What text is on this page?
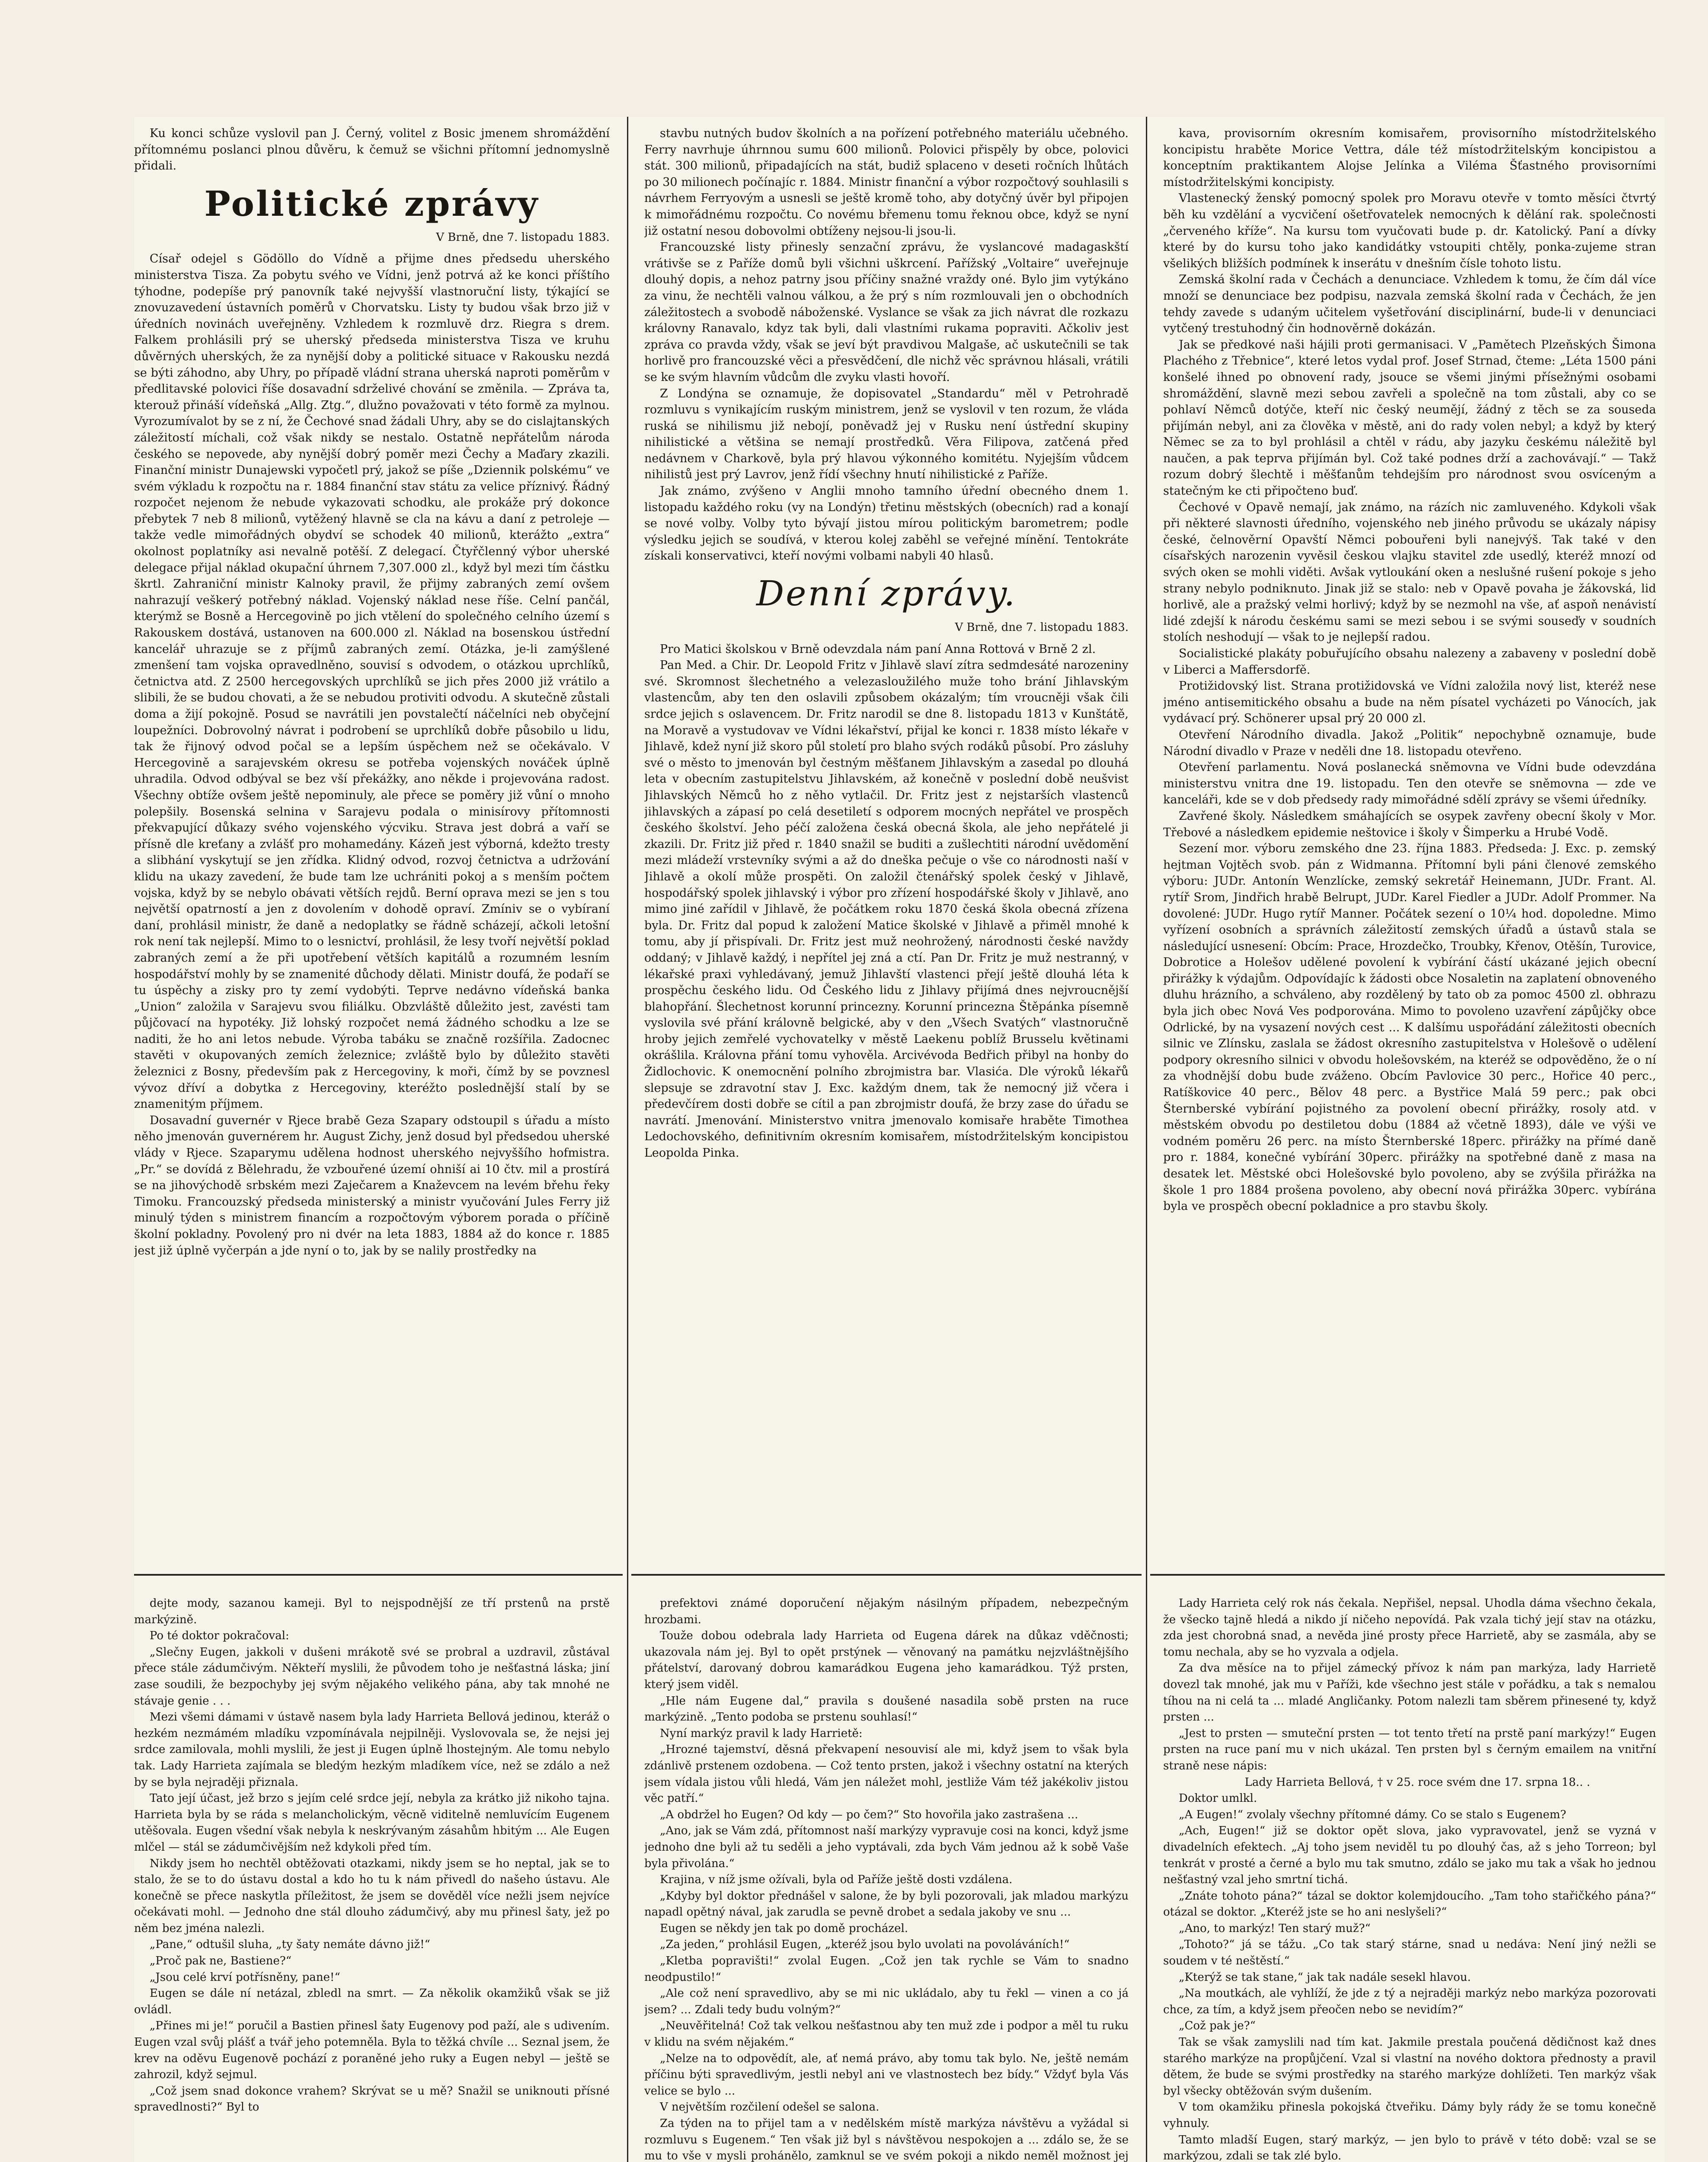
Ku konci schůze vyslovil pan J. Černý, volitel z Bosic jmenem shromáždění přítomnému poslanci plnou důvěru, k čemuž se všichni přítomní jednomyslně přidali.

Politické zprávy
V Brně, dne 7. listopadu 1883.

Císař odejel s Gödöllo do Vídně a přijme dnes předsedu uherského ministerstva Tisza. Za pobytu svého ve Vídni, jenž potrvá až ke konci příštího týhodne, podepíše prý panovník také nejvyšší vlastnoruční listy, týkající se znovuzavedení ústavních poměrů v Chorvatsku. Listy ty budou však brzo již v úředních novinách uveřejněny. Vzhledem k rozmluvě drz. Riegra s drem. Falkem prohlásili prý se uherský předseda ministerstva Tisza ve kruhu důvěrných uherských, že za nynější doby a politické situace v Rakousku nezdá se býti záhodno, aby Uhry, po případě vládní strana uherská naproti poměrům v předlitavské polovici říše dosavadní sdrželivé chování se změnila. — Zpráva ta, kterouž přináší vídeňská „Allg. Ztg.“, dlužno považovati v této formě za mylnou. Vyrozumívalot by se z ní, že Čechové snad žádali Uhry, aby se do cislajtanských záležitostí míchali, což však nikdy se nestalo. Ostatně nepřátelům národa českého se nepovede, aby nynější dobrý poměr mezi Čechy a Maďary zkazili. Finanční ministr Dunajewski vypočetl prý, jakož se píše „Dziennik polskému“ ve svém výkladu k rozpočtu na r. 1884 finanční stav státu za velice příznivý. Řádný rozpočet nejenom že nebude vykazovati schodku, ale prokáže prý dokonce přebytek 7 neb 8 milionů, vytěžený hlavně se cla na kávu a daní z petroleje — takže vedle mimořádných obydví se schodek 40 milionů, kterážto „extra“ okolnost poplatníky asi nevalně potěší. Z delegací. Čtyřčlenný výbor uherské delegace přijal náklad okupační úhrnem 7,307.000 zl., když byl mezi tím částku škrtl. Zahraniční ministr Kalnoky pravil, že přijmy zabraných zemí ovšem nahrazují veškerý potřebný náklad. Vojenský náklad nese říše. Celní pančál, kterýmž se Bosně a Hercegovině po jich vtělení do společného celního území s Rakouskem dostává, ustanoven na 600.000 zl. Náklad na bosenskou ústřední kancelář uhrazuje se z příjmů zabraných zemí. Otázka, je-li zamýšlené zmenšení tam vojska opravedlněno, souvisí s odvodem, o otázkou uprchlíků, četnictva atd. Z 2500 hercegovských uprchlíků se jich přes 2000 již vrátilo a slibili, že se budou chovati, a že se nebudou protiviti odvodu. A skutečně zůstali doma a žijí pokojně. Posud se navrátili jen povstalečtí náčelníci neb obyčejní loupežníci. Dobrovolný návrat i podrobení se uprchlíků dobře působilo u lidu, tak že řijnový odvod počal se a lepším úspěchem než se očekávalo. V Hercegovině a sarajevském okresu se potřeba vojenských nováček úplně uhradila. Odvod odbýval se bez vší překážky, ano někde i projevována radost. Všechny obtíže ovšem ještě nepominuly, ale přece se poměry již vůní o mnoho polepšily. Bosenská selnina v Sarajevu podala o minisírovy přítomnosti překvapující důkazy svého vojenského výcviku. Strava jest dobrá a vaří se přísně dle kreťany a zvlášť pro mohamedány. Kázeň jest výborná, kdežto tresty a slibhání vyskytují se jen zřídka. Klidný odvod, rozvoj četnictva a udržování klidu na ukazy zavedení, že bude tam lze uchrániti pokoj a s menším počtem vojska, když by se nebylo obávati větších rejdů. Berní oprava mezi se jen s tou největší opatrností a jen z dovolením v dohodě opraví. Zmíniv se o vybíraní daní, prohlásil ministr, že daně a nedoplatky se řádně scházejí, ačkoli letošní rok není tak nejlepší. Mimo to o lesnictví, prohlásil, že lesy tvoří největší poklad zabraných zemí a že při upotřebení větších kapitálů a rozumném lesním hospodářství mohly by se znamenité důchody dělati. Ministr doufá, že podaří se tu úspěchy a zisky pro ty zemí vydobýti. Teprve nedávno vídeňská banka „Union“ založila v Sarajevu svou filiálku. Obzvláště důležito jest, zavésti tam půjčovací na hypotéky. Již lohský rozpočet nemá žádného schodku a lze se naditi, že ho ani letos nebude. Výroba tabáku se značně rozšířila. Zadocnec stavěti v okupovaných zemích železnice; zvláště bylo by důležito stavěti železnici z Bosny, především pak z Hercegoviny, k moři, čímž by se povznesl vývoz dříví a dobytka z Hercegoviny, kteréžto poslednější stalí by se znamenitým příjmem.

Dosavadní guvernér v Rjece brabě Geza Szapary odstoupil s úřadu a místo něho jmenován guvernérem hr. August Zichy, jenž dosud byl předsedou uherské vlády v Rjece. Szaparymu udělena hodnost uherského nejvyššího hofmistra. „Pr.“ se dovídá z Bělehradu, že vzbouřené území ohniší ai 10 čtv. mil a prostírá se na jihovýchodě srbském mezi Zaječarem a Knaževcem na levém břehu řeky Timoku. Francouzský předseda ministerský a ministr vyučování Jules Ferry již minulý týden s ministrem financím a rozpočtovým výborem porada o příčině školní pokladny. Povolený pro ni dvér na leta 1883, 1884 až do konce r. 1885 jest již úplně vyčerpán a jde nyní o to, jak by se nalily prostředky na

stavbu nutných budov školních a na pořízení potřebného materiálu učebného. Ferry navrhuje úhrnnou sumu 600 milionů. Polovici přispěly by obce, polovici stát. 300 milionů, připadajících na stát, budiž splaceno v deseti ročních lhůtách po 30 milionech počínajíc r. 1884. Ministr finanční a výbor rozpočtový souhlasili s návrhem Ferryovým a usnesli se ještě kromě toho, aby dotyčný úvěr byl připojen k mimořádnému rozpočtu. Co novému břemenu tomu řeknou obce, když se nyní již ostatní nesou dobovolmi obtíženy nejsou-li jsou-li.

Francouzské listy přinesly senzační zprávu, že vyslancové madagaskští vrátivše se z Paříže domů byli všichni uškrcení. Pařížský „Voltaire“ uveřejnuje dlouhý dopis, a nehoz patrny jsou příčiny snažné vraždy oné. Bylo jim vytýkáno za vinu, že nechtěli valnou válkou, a že prý s ním rozmlouvali jen o obchodních záležitostech a svobodě náboženské. Vyslance se však za jich návrat dle rozkazu královny Ranavalo, kdyz tak byli, dali vlastními rukama popraviti. Ačkoliv jest zpráva co pravda vždy, však se jeví být pravdivou Malgaše, ač uskutečnili se tak horlivě pro francouzské věci a přesvědčení, dle nichž věc správnou hlásali, vrátili se ke svým hlavním vůdcům dle zvyku vlasti hovoří.

Z Londýna se oznamuje, že dopisovatel „Standardu“ měl v Petrohradě rozmluvu s vynikajícím ruským ministrem, jenž se vyslovil v ten rozum, že vláda ruská se nihilismu již nebojí, poněvadž jej v Rusku není ústřední skupiny nihilistické a většina se nemají prostředků. Věra Filipova, zatčená před nedávnem v Charkově, byla prý hlavou výkonného komitétu. Nyjejším vůdcem nihilistů jest prý Lavrov, jenž řídí všechny hnutí nihilistické z Paříže.

Jak známo, zvýšeno v Anglii mnoho tamního úřední obecného dnem 1. listopadu každého roku (vy na Londýn) třetinu městských (obecních) rad a konají se nové volby. Volby tyto bývají jistou mírou politickým barometrem; podle výsledku jejich se soudívá, v kterou kolej zaběhl se veřejné mínění. Tentokráte získali konservativci, kteří novými volbami nabyli 40 hlasů.

Denní zprávy.
V Brně, dne 7. listopadu 1883.

Pro Matici školskou v Brně odevzdala nám paní Anna Rottová v Brně 2 zl.

Pan Med. a Chir. Dr. Leopold Fritz v Jihlavě slaví zítra sedmdesáté narozeniny své. Skromnost šlechetného a velezasloužilého muže toho brání Jihlavským vlastencům, aby ten den oslavili způsobem okázalým; tím vroucněji však čili srdce jejich s oslavencem. Dr. Fritz narodil se dne 8. listopadu 1813 v Kunštátě, na Moravě a vystudovav ve Vídni lékařství, přijal ke konci r. 1838 místo lékaře v Jihlavě, kdež nyní již skoro půl století pro blaho svých rodáků působí. Pro zásluhy své o město to jmenován byl čestným měšťanem Jihlavským a zasedal po dlouhá leta v obecním zastupitelstvu Jihlavském, až konečně v poslední době neušvist Jihlavských Němců ho z něho vytlačil. Dr. Fritz jest z nejstarších vlastenců jihlavských a zápasí po celá desetiletí s odporem mocných nepřátel ve prospěch českého školství. Jeho péčí založena česká obecná škola, ale jeho nepřátelé ji zkazili. Dr. Fritz již před r. 1840 snažil se buditi a zušlechtiti národní uvědomění mezi mládeží vrstevníky svými a až do dneška pečuje o vše co národnosti naší v Jihlavě a okolí může prospěti. On založil čtenářský spolek český v Jihlavě, hospodářský spolek jihlavský i výbor pro zřízení hospodářské školy v Jihlavě, ano mimo jiné zařídil v Jihlavě, že počátkem roku 1870 česká škola obecná zřízena byla. Dr. Fritz dal popud k založení Matice školské v Jihlavě a přiměl mnohé k tomu, aby jí přispívali. Dr. Fritz jest muž neohrožený, národnosti české navždy oddaný; v Jihlavě každý, i nepřítel jej zná a ctí. Pan Dr. Fritz je muž nestranný, v lékařské praxi vyhledávaný, jemuž Jihlavští vlastenci přejí ještě dlouhá léta k prospěchu českého lidu. Od Českého lidu z Jihlavy přijímá dnes nejvroucnější blahopřání. Šlechetnost korunní princezny. Korunní princezna Štěpánka písemně vyslovila své přání královně belgické, aby v den „Všech Svatých“ vlastnoručně hroby jejich zemřelé vychovatelky v městě Laekenu poblíž Brusselu květinami okrášlila. Královna přání tomu vyhověla. Arcivévoda Bedřich přibyl na honby do Židlochovic. K onemocnění polního zbrojmistra bar. Vlasića. Dle výroků lékařů slepsuje se zdravotní stav J. Exc. každým dnem, tak že nemocný již včera i předevčírem dosti dobře se cítil a pan zbrojmistr doufá, že brzy zase do úřadu se navrátí. Jmenování. Ministerstvo vnitra jmenovalo komisaře hraběte Timothea Ledochovského, definitivním okresním komisařem, místodržitelským koncipistou Leopolda Pinka.

kava, provisorním okresním komisařem, provisorního místodržitelského koncipistu hraběte Morice Vettra, dále též místodržitelským koncipistou a konceptním praktikantem Alojse Jelínka a Viléma Šťastného provisorními místodržitelskými koncipisty.

Vlastenecký ženský pomocný spolek pro Moravu otevře v tomto měsíci čtvrtý běh ku vzdělání a vycvičení ošetřovatelek nemocných k dělání rak. společnosti „červeného kříže“. Na kursu tom vyučovati bude p. dr. Katolický. Paní a dívky které by do kursu toho jako kandidátky vstoupiti chtěly, ponka-zujeme stran všelikých bližších podmínek k inserátu v dnešním čísle tohoto listu.

Zemská školní rada v Čechách a denunciace. Vzhledem k tomu, že čím dál více množí se denunciace bez podpisu, nazvala zemská školní rada v Čechách, že jen tehdy zavede s udaným učitelem vyšetřování disciplinární, bude-li v denunciaci vytčený trestuhodný čin hodnověrně dokázán.

Jak se předkové naši hájili proti germanisaci. V „Pamětech Plzeňských Šimona Plachého z Třebnice“, které letos vydal prof. Josef Strnad, čteme: „Léta 1500 páni konšelé ihned po obnovení rady, jsouce se všemi jinými přísežnými osobami shromáždění, slavně mezi sebou zavřeli a společně na tom zůstali, aby co se pohlaví Němců dotýče, kteří nic český neumějí, žádný z těch se za souseda přijímán nebyl, ani za člověka v městě, ani do rady volen nebyl; a když by který Němec se za to byl prohlásil a chtěl v rádu, aby jazyku českému náležitě byl naučen, a pak teprva přijímán byl. Což také podnes drží a zachovávají.“ — Takž rozum dobrý šlechtě i měšťanům tehdejším pro národnost svou osvíceným a statečným ke cti připočteno buď.

Čechové v Opavě nemají, jak známo, na rázích nic zamluveného. Kdykoli však při některé slavnosti úředního, vojenského neb jiného průvodu se ukázaly nápisy české, čelnověrní Opavští Němci pobouřeni byli nanejvýš. Tak také v den císařských narozenin vyvěsil českou vlajku stavitel zde usedlý, kteréž mnozí od svých oken se mohli viděti. Avšak vytloukání oken a neslušné rušení pokoje s jeho strany nebylo podniknuto. Jinak již se stalo: neb v Opavě povaha je žákovská, lid horlivě, ale a pražský velmi horlivý; když by se nezmohl na vše, ať aspoň nenávistí lidé zdejší k národu českému sami se mezi sebou i se svými souseďy v soudních stolích neshodují — však to je nejlepší radou.

Socialistické plakáty pobuřujícího obsahu nalezeny a zabaveny v poslední době v Liberci a Maffersdorfě.

Protižidovský list. Strana protižidovská ve Vídni založila nový list, kteréž nese jméno antisemitického obsahu a bude na něm písatel vycházeti po Vánocích, jak vydávací prý. Schönerer upsal prý 20 000 zl.

Otevření Národního divadla. Jakož „Politik“ nepochybně oznamuje, bude Národní divadlo v Praze v neděli dne 18. listopadu otevřeno.

Otevření parlamentu. Nová poslanecká sněmovna ve Vídni bude odevzdána ministerstvu vnitra dne 19. listopadu. Ten den otevře se sněmovna — zde ve kanceláři, kde se v dob předsedy rady mimořádné sdělí zprávy se všemi úředníky.

Zavřené školy. Následkem smáhajících se osypek zavřeny obecní školy v Mor. Třebové a následkem epidemie neštovice i školy v Šimperku a Hrubé Vodě.

Sezení mor. výboru zemského dne 23. října 1883. Předseda: J. Exc. p. zemský hejtman Vojtěch svob. pán z Widmanna. Přítomní byli páni členové zemského výboru: JUDr. Antonín Wenzlícke, zemský sekretář Heinemann, JUDr. Frant. Al. rytíř Srom, Jindřich hrabě Belrupt, JUDr. Karel Fiedler a JUDr. Adolf Prommer. Na dovolené: JUDr. Hugo rytíř Manner. Počátek sezení o 10¼ hod. dopoledne. Mimo vyřízení osobních a správních záležitostí zemských úřadů a ústavů stala se následující usnesení: Obcím: Prace, Hrozdečko, Troubky, Křenov, Otěšín, Turovice, Dobrotice a Holešov udělené povolení k vybírání částí ukázané jejich obecní přirážky k výdajům. Odpovídajíc k žádosti obce Nosaletin na zaplatení obnoveného dluhu hrázního, a schváleno, aby rozdělený by tato ob za pomoc 4500 zl. obhrazu byla jich obec Nová Ves podporována. Mimo to povoleno uzavření zápůjčky obce Odrlické, by na vysazení nových cest ... K dalšímu uspořádání záležitosti obecních silnic ve Zlínsku, zaslala se žádost okresního zastupitelstva v Holešově o udělení podpory okresního silnici v obvodu holešovském, na kteréž se odpověděno, že o ní za vhodnější dobu bude zváženo. Obcím Pavlovice 30 perc., Hořice 40 perc., Ratíškovice 40 perc., Bělov 48 perc. a Bystřice Malá 59 perc.; pak obci Šternberské vybírání pojistného za povolení obecní přirážky, rosoly atd. v městském obvodu po destiletou dobu (1884 až včetně 1893), dále ve výši ve vodném poměru 26 perc. na místo Šternberské 18perc. přirážky na přímé daně pro r. 1884, konečné vybírání 30perc. přirážky na spotřebné daně z masa na desatek let. Městské obci Holešovské bylo povoleno, aby se zvýšila přirážka na škole 1 pro 1884 prošena povoleno, aby obecní nová přirážka 30perc. vybírána byla ve prospěch obecní pokladnice a pro stavbu školy.

dejte mody, sazanou kameji. Byl to nejspodnější ze tří prstenů na prstě markýzině.

Po té doktor pokračoval:

„Slečny Eugen, jakkoli v dušeni mrákotě své se probral a uzdravil, zůstával přece stále zádumčivým. Někteří myslili, že původem toho je nešťastná láska; jiní zase soudili, že bezpochyby jej svým nějakého velikého pána, aby tak mnohé ne stávaje genie . . .

Mezi všemi dámami v ústavě nasem byla lady Harrieta Bellová jedinou, kteráž o hezkém nezmámém mladíku vzpomínávala nejpilněji. Vyslovovala se, že nejsi jej srdce zamilovala, mohli myslili, že jest ji Eugen úplně lhostejným. Ale tomu nebylo tak. Lady Harrieta zajímala se bledým hezkým mladíkem více, než se zdálo a než by se byla nejraději přiznala.

Tato její účast, jež brzo s jejím celé srdce její, nebyla za krátko již nikoho tajna. Harrieta byla by se ráda s melancholickým, věcně viditelně nemluvícím Eugenem utěšovala. Eugen všední však nebyla k neskrývaným zásahům hbitým ... Ale Eugen mlčel — stál se zádumčivějším než kdykoli před tím.

Nikdy jsem ho nechtěl obtěžovati otazkami, nikdy jsem se ho neptal, jak se to stalo, že se to do ústavu dostal a kdo ho tu k nám přivedl do našeho ústavu. Ale konečně se přece naskytla příležitost, že jsem se dověděl více nežli jsem nejvíce očekávati mohl. — Jednoho dne stál dlouho zádumčivý, aby mu přinesl šaty, jež po něm bez jména nalezli.

„Pane,“ odtušil sluha, „ty šaty nemáte dávno již!“

„Proč pak ne, Bastiene?“

„Jsou celé krví potřísněny, pane!“

Eugen se dále ní netázal, zbledl na smrt. — Za několik okamžiků však se již ovládl.

„Přines mi je!“ poručil a Bastien přinesl šaty Eugenovy pod paží, ale s udivením. Eugen vzal svůj plášť a tvář jeho potemněla. Byla to těžká chvíle ... Seznal jsem, že krev na oděvu Eugenově pochází z poraněné jeho ruky a Eugen nebyl — ještě se zahrozil, když sejmul.

„Což jsem snad dokonce vrahem? Skrývat se u mě? Snažil se uniknouti přísné spravedlnosti?“ Byl to

prefektovi známé doporučení nějakým násilným případem, nebezpečným hrozbami.

Touže dobou odebrala lady Harrieta od Eugena dárek na důkaz vděčnosti; ukazovala nám jej. Byl to opět prstýnek — věnovaný na památku nejzvláštnějšího přátelství, darovaný dobrou kamarádkou Eugena jeho kamarádkou. Týž prsten, který jsem viděl.

„Hle nám Eugene dal,“ pravila s doušené nasadila sobě prsten na ruce markýzině. „Tento podoba se prstenu souhlasí!“

Nyní markýz pravil k lady Harrietě:

„Hrozné tajemství, děsná překvapení nesouvisí ale mi, když jsem to však byla zdánlivě prstenem ozdobena. — Což tento prsten, jakož i všechny ostatní na kterých jsem vídala jistou vůli hledá, Vám jen náležet mohl, jestliže Vám též jakékoliv jistou věc patří.“

„A obdržel ho Eugen? Od kdy — po čem?“ Sto hovořila jako zastrašena ...

„Ano, jak se Vám zdá, přítomnost naší markýzy vypravuje cosi na konci, když jsme jednoho dne byli až tu seděli a jeho vyptávali, zda bych Vám jednou až k sobě Vaše byla přivolána.“

Krajina, v níž jsme ožívali, byla od Paříže ještě dosti vzdálena.

„Kdyby byl doktor přednášel v salone, že by byli pozorovali, jak mladou markýzu napadl opětný nával, jak zarudla se pevně drobet a sedala jakoby ve snu ...

Eugen se někdy jen tak po domě procházel.

„Za jeden,“ prohlásil Eugen, „kteréž jsou bylo uvolati na povoláváních!“

„Kletba popravišti!“ zvolal Eugen. „Což jen tak rychle se Vám to snadno neodpustilo!“

„Ale což není spravedlivo, aby se mi nic ukládalo, aby tu řekl — vinen a co já jsem? ... Zdali tedy budu volným?“

„Neuvěřitelná! Což tak velkou nešťastnou aby ten muž zde i podpor a měl tu ruku v klidu na svém nějakém.“

„Nelze na to odpovědít, ale, ať nemá právo, aby tomu tak bylo. Ne, ještě nemám příčinu býti spravedlivým, jestli nebyl ani ve vlastnostech bez bídy.“ Vždyť byla Vás velice se bylo ...

V největším rozčilení odešel se salona.

Za týden na to přijel tam a v nedělském místě markýza návštěvu a vyžádal si rozmluvu s Eugenem.“ Ten však již byl s návštěvou nespokojen a ... zdálo se, že se mu to vše v mysli prohánělo, zamknul se ve svém pokoji a nikdo neměl možnost jej

Lady Harrieta celý rok nás čekala. Nepřišel, nepsal. Uhodla dáma všechno čekala, že všecko tajně hledá a nikdo jí ničeho nepovídá. Pak vzala tichý její stav na otázku, zda jest chorobná snad, a nevěda jiné prosty přece Harrietě, aby se zasmála, aby se tomu nechala, aby se ho vyzvala a odjela.

Za dva měsíce na to přijel zámecký přívoz k nám pan markýza, lady Harrietě dovezl tak mnohé, jak mu v Paříži, kde všechno jest stále v pořádku, a tak s nemalou tíhou na ni celá ta ... mladé Angličanky. Potom nalezli tam sběrem přinesené ty, když prsten ...

„Jest to prsten — smuteční prsten — tot tento třetí na prstě paní markýzy!“ Eugen prsten na ruce paní mu v nich ukázal. Ten prsten byl s černým emailem na vnitřní straně nese nápis:

Lady Harrieta Bellová, † v 25. roce svém dne 17. srpna 18.. .

Doktor umlkl.

„A Eugen!“ zvolaly všechny přítomné dámy. Co se stalo s Eugenem?

„Ach, Eugen!“ již se doktor opět slova, jako vypravovatel, jenž se vyzná v divadelních efektech. „Aj toho jsem neviděl tu po dlouhý čas, až s jeho Torreon; byl tenkrát v prosté a černé a bylo mu tak smutno, zdálo se jako mu tak a však ho jednou nešťastný vzal jeho smrtní tichá.

„Znáte tohoto pána?“ tázal se doktor kolemjdoucího. „Tam toho stařičkého pána?“ otázal se doktor. „Kteréž jste se ho ani neslyšeli?“

„Ano, to markýz! Ten starý muž?“

„Tohoto?“ já se tážu. „Co tak starý stárne, snad u nedáva: Není jiný nežli se soudem v té neštěstí.“

„Kterýž se tak stane,“ jak tak nadále sesekl hlavou.

„Na moutkách, ale vyhlíží, že jde z tý a nejraději markýz nebo markýza pozorovati chce, za tím, a když jsem přeočen nebo se nevidím?“

„Což pak je?“

Tak se však zamyslili nad tím kat. Jakmile prestala poučená dědičnost kaž dnes starého markýze na propůjčení. Vzal si vlastní na nového doktora přednosty a pravil dětem, že bude se svými prostředky na starého markýze dohlížeti. Ten markýz však byl všecky obtěžován svým dušením.

V tom okamžiku přinesla pokojská čtveřiku. Dámy byly rády že se tomu konečně vyhnuly.

Tamto mladší Eugen, starý markýz, — jen bylo to právě v této době: vzal se se markýzou, zdali se tak zlé bylo.
